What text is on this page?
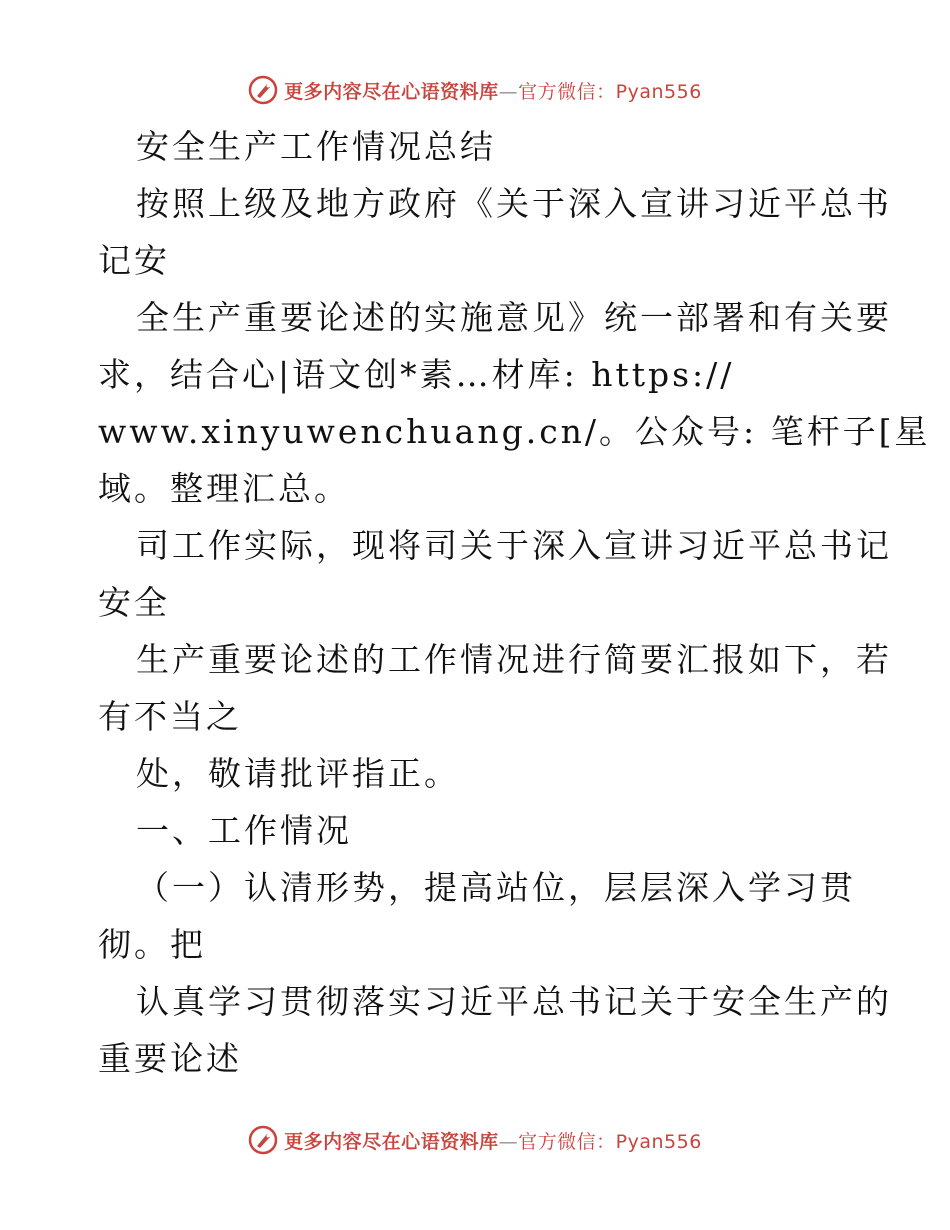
更多内容尽在心语资料库—官方微信：Pyan556
安全生产工作情况总结
按照上级及地方政府《关于深入宣讲习近平总书
记安
全生产重要论述的实施意见》统一部署和有关要
求，结合心|语文创*素…材库: https://
www.xinyuwenchuang.cn/。公众号: 笔杆子[星
域。整理汇总。
司工作实际，现将司关于深入宣讲习近平总书记
安全
生产重要论述的工作情况进行简要汇报如下，若
有不当之
处，敬请批评指正。
一、工作情况
（一）认清形势，提高站位，层层深入学习贯
彻。把
认真学习贯彻落实习近平总书记关于安全生产的
重要论述
更多内容尽在心语资料库—官方微信：Pyan556
